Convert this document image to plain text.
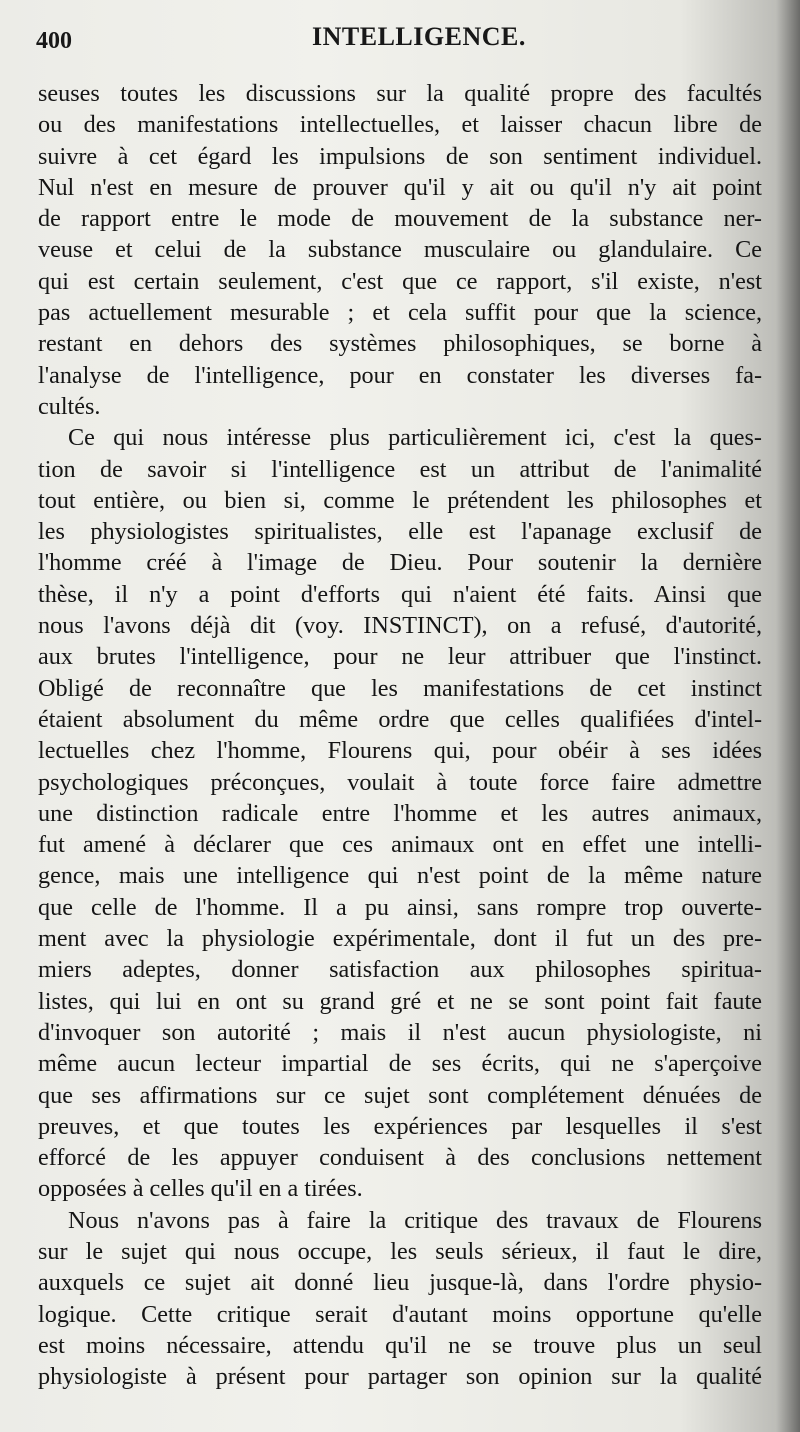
400	INTELLIGENCE.
seuses toutes les discussions sur la qualité propre des facultés
ou des manifestations intellectuelles, et laisser chacun libre de
suivre à cet égard les impulsions de son sentiment individuel.
Nul n'est en mesure de prouver qu'il y ait ou qu'il n'y ait point
de rapport entre le mode de mouvement de la substance ner-
veuse et celui de la substance musculaire ou glandulaire. Ce
qui est certain seulement, c'est que ce rapport, s'il existe, n'est
pas actuellement mesurable ; et cela suffit pour que la science,
restant en dehors des systèmes philosophiques, se borne à
l'analyse de l'intelligence, pour en constater les diverses fa-
cultés.
Ce qui nous intéresse plus particulièrement ici, c'est la ques-
tion de savoir si l'intelligence est un attribut de l'animalité
tout entière, ou bien si, comme le prétendent les philosophes et
les physiologistes spiritualistes, elle est l'apanage exclusif de
l'homme créé à l'image de Dieu. Pour soutenir la dernière
thèse, il n'y a point d'efforts qui n'aient été faits. Ainsi que
nous l'avons déjà dit (voy. INSTINCT), on a refusé, d'autorité,
aux brutes l'intelligence, pour ne leur attribuer que l'instinct.
Obligé de reconnaître que les manifestations de cet instinct
étaient absolument du même ordre que celles qualifiées d'intel-
lectuelles chez l'homme, Flourens qui, pour obéir à ses idées
psychologiques préconçues, voulait à toute force faire admettre
une distinction radicale entre l'homme et les autres animaux,
fut amené à déclarer que ces animaux ont en effet une intelli-
gence, mais une intelligence qui n'est point de la même nature
que celle de l'homme. Il a pu ainsi, sans rompre trop ouverte-
ment avec la physiologie expérimentale, dont il fut un des pre-
miers adeptes, donner satisfaction aux philosophes spiritua-
listes, qui lui en ont su grand gré et ne se sont point fait faute
d'invoquer son autorité ; mais il n'est aucun physiologiste, ni
même aucun lecteur impartial de ses écrits, qui ne s'aperçoive
que ses affirmations sur ce sujet sont complétement dénuées de
preuves, et que toutes les expériences par lesquelles il s'est
efforcé de les appuyer conduisent à des conclusions nettement
opposées à celles qu'il en a tirées.
Nous n'avons pas à faire la critique des travaux de Flourens
sur le sujet qui nous occupe, les seuls sérieux, il faut le dire,
auxquels ce sujet ait donné lieu jusque-là, dans l'ordre physio-
logique. Cette critique serait d'autant moins opportune qu'elle
est moins nécessaire, attendu qu'il ne se trouve plus un seul
physiologiste à présent pour partager son opinion sur la qualité
